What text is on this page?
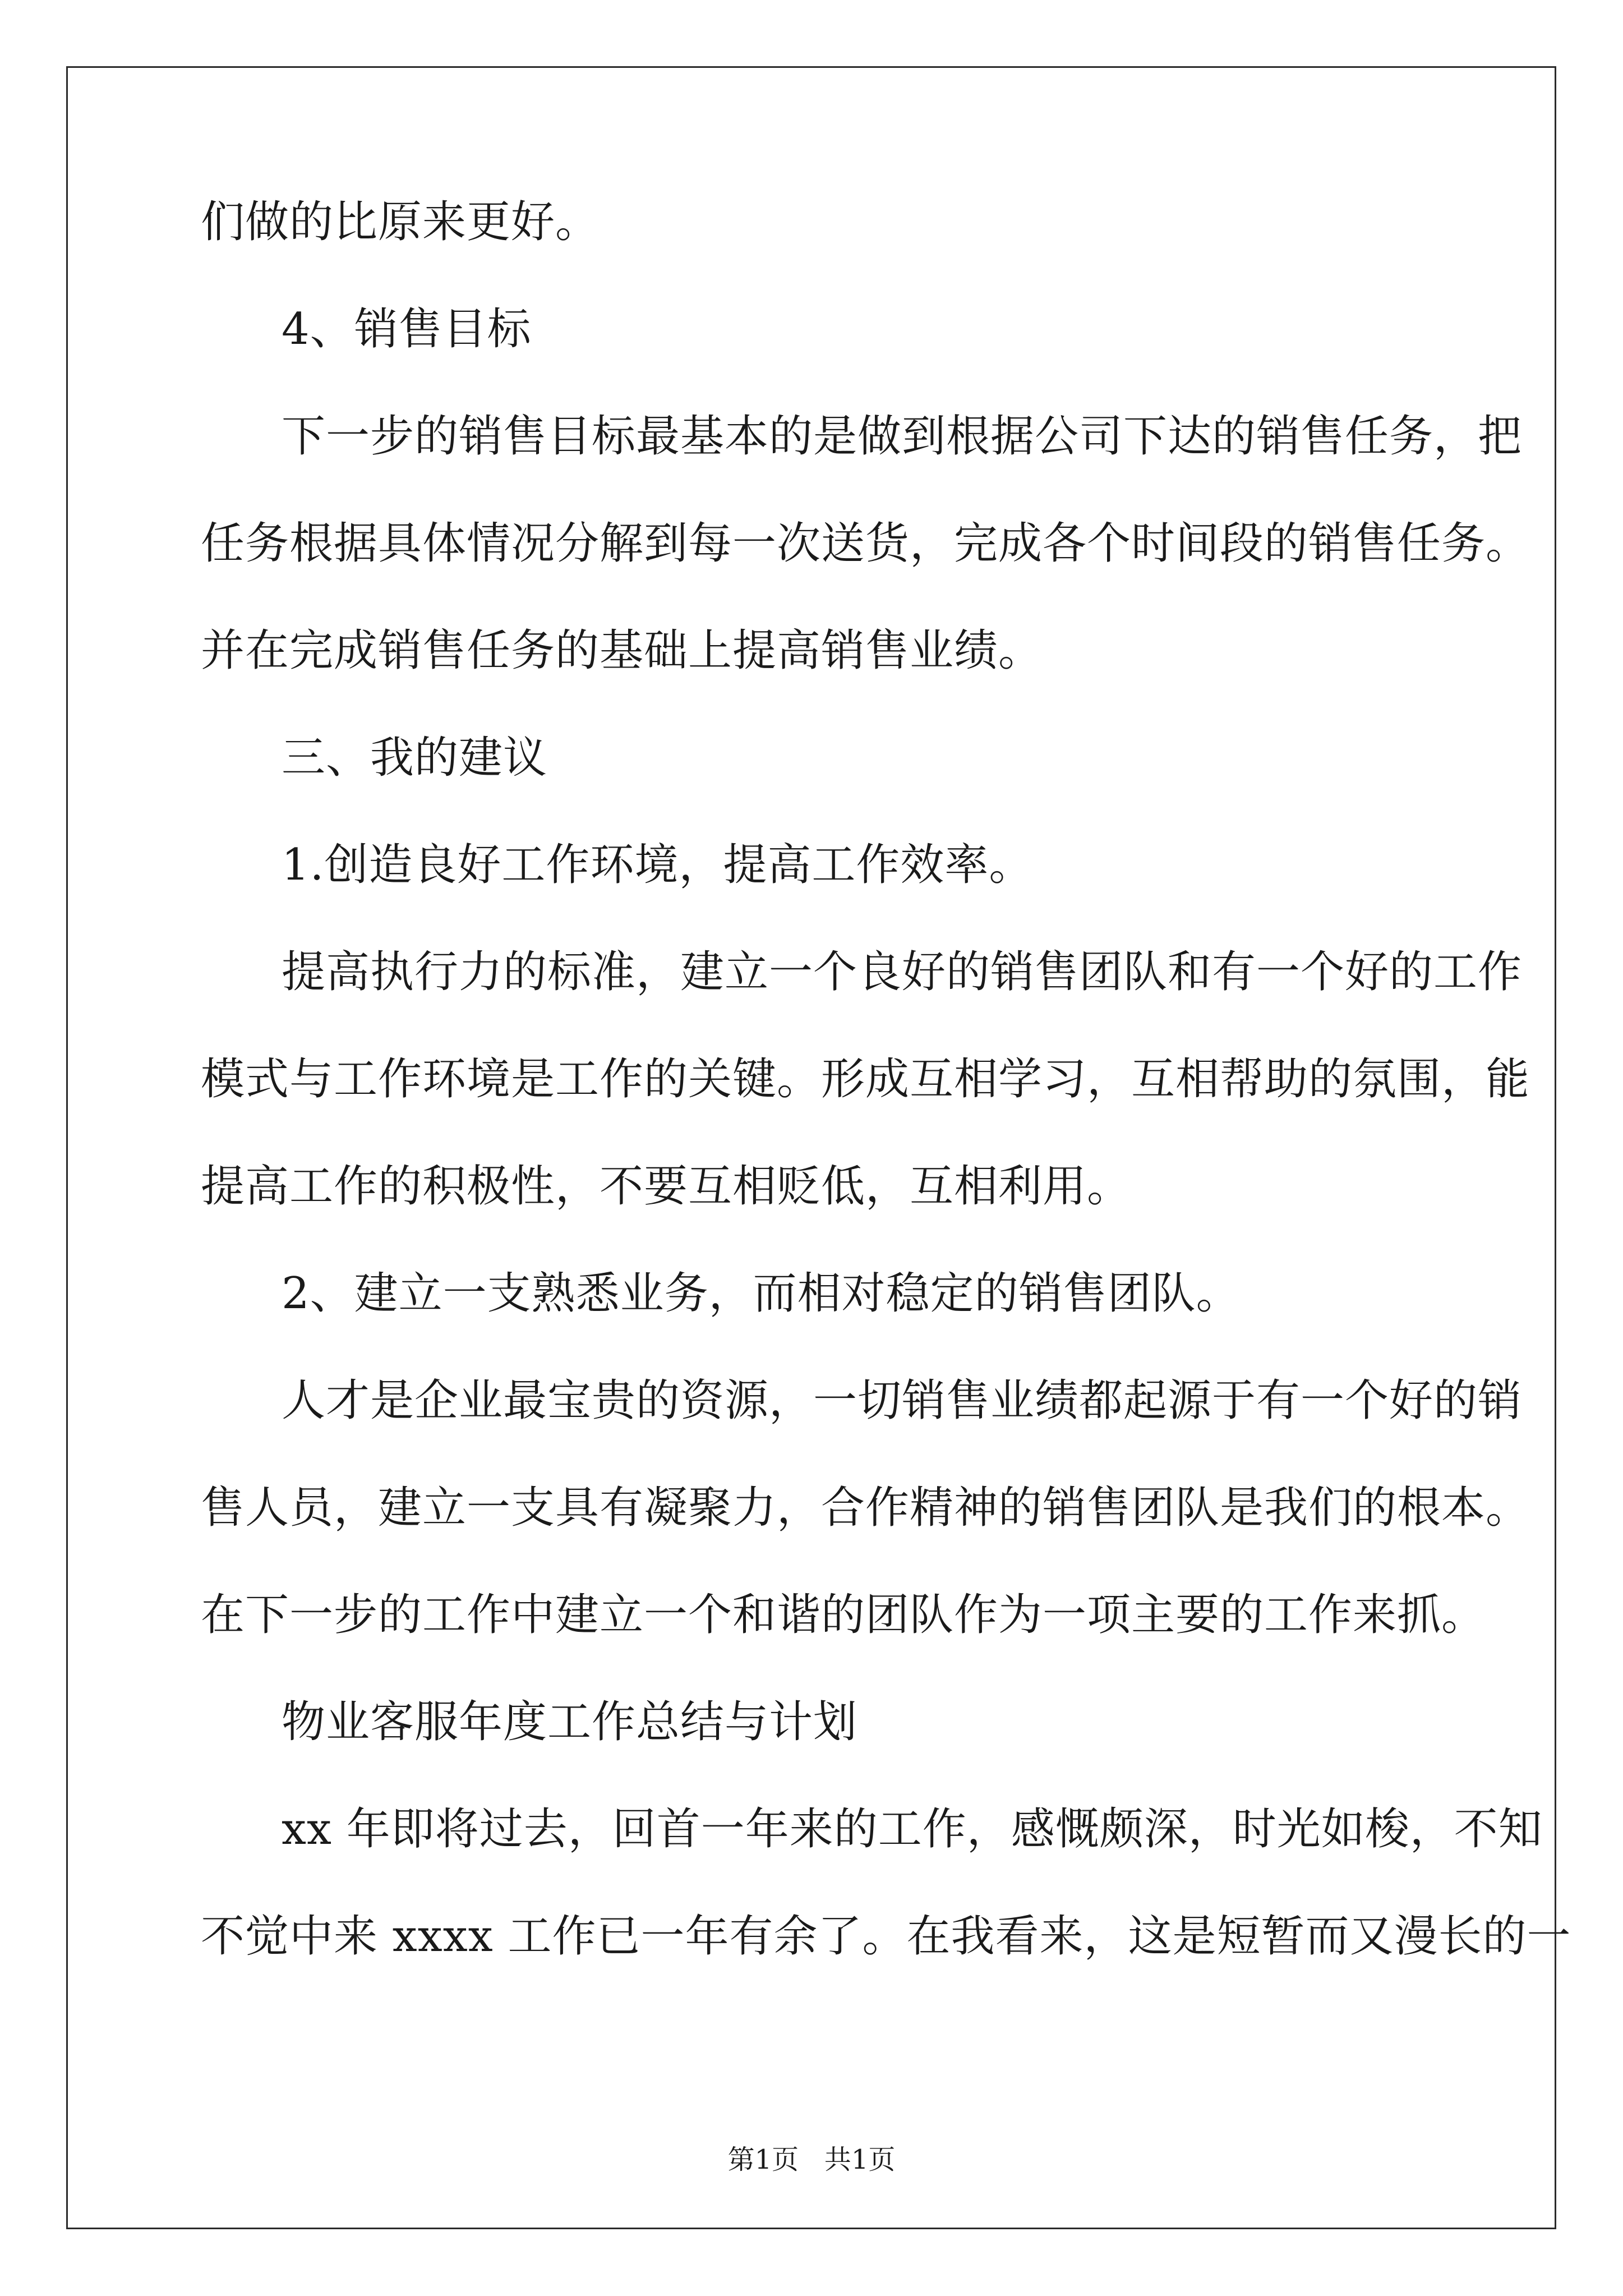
们做的比原来更好。
4、销售目标
下一步的销售目标最基本的是做到根据公司下达的销售任务，把
任务根据具体情况分解到每一次送货，完成各个时间段的销售任务。
并在完成销售任务的基础上提高销售业绩。
三、我的建议
1.创造良好工作环境，提高工作效率。
提高执行力的标准，建立一个良好的销售团队和有一个好的工作
模式与工作环境是工作的关键。形成互相学习，互相帮助的氛围，能
提高工作的积极性，不要互相贬低，互相利用。
2、建立一支熟悉业务，而相对稳定的销售团队。
人才是企业最宝贵的资源，一切销售业绩都起源于有一个好的销
售人员，建立一支具有凝聚力，合作精神的销售团队是我们的根本。
在下一步的工作中建立一个和谐的团队作为一项主要的工作来抓。
物业客服年度工作总结与计划
xx 年即将过去，回首一年来的工作，感慨颇深，时光如梭，不知
不觉中来 xxxx 工作已一年有余了。在我看来，这是短暂而又漫长的一
第1页   共1页
